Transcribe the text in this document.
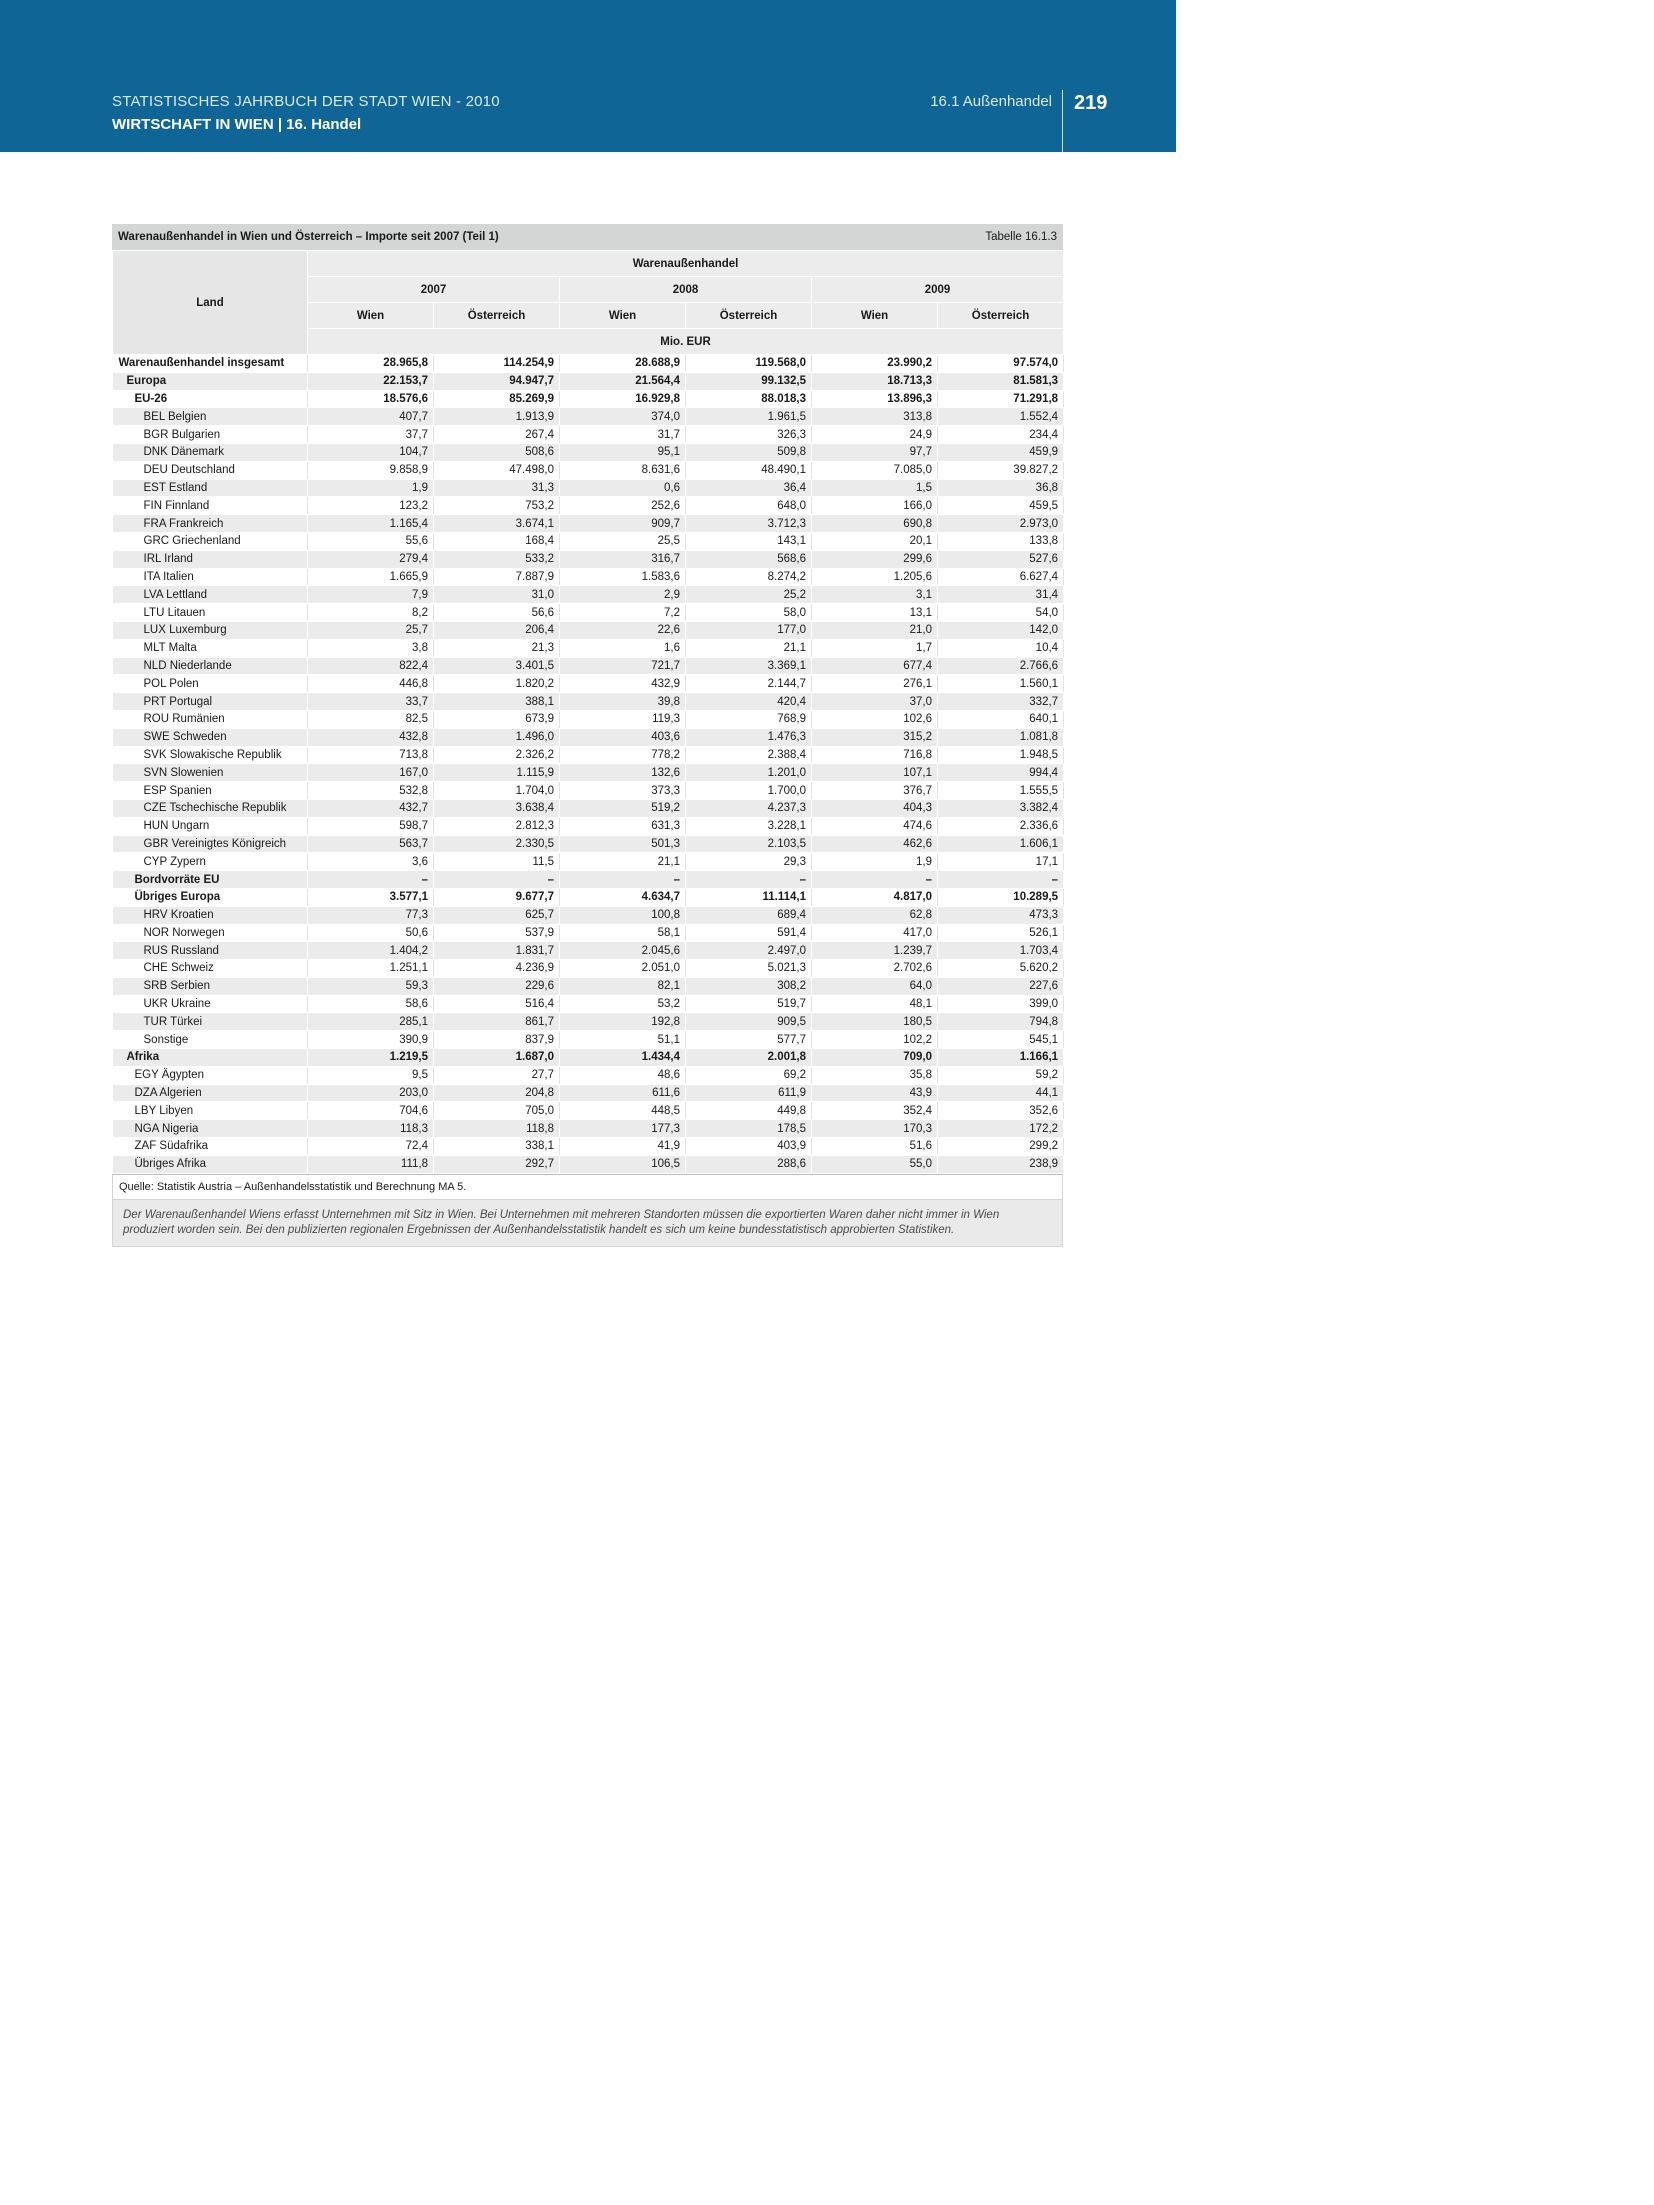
STATISTISCHES JAHRBUCH DER STADT WIEN - 2010
WIRTSCHAFT IN WIEN | 16. Handel
16.1 Außenhandel 219
Warenaußenhandel in Wien und Österreich – Importe seit 2007 (Teil 1)	Tabelle 16.1.3
Land	Warenaußenhandel					
	2007		2008		2009	
	Wien	Österreich	Wien	Österreich	Wien	Österreich
	Mio. EUR					
Warenaußenhandel insgesamt	28.965,8	114.254,9	28.688,9	119.568,0	23.990,2	97.574,0
Europa	22.153,7	94.947,7	21.564,4	99.132,5	18.713,3	81.581,3
EU-26	18.576,6	85.269,9	16.929,8	88.018,3	13.896,3	71.291,8
BEL Belgien	407,7	1.913,9	374,0	1.961,5	313,8	1.552,4
BGR Bulgarien	37,7	267,4	31,7	326,3	24,9	234,4
DNK Dänemark	104,7	508,6	95,1	509,8	97,7	459,9
DEU Deutschland	9.858,9	47.498,0	8.631,6	48.490,1	7.085,0	39.827,2
EST Estland	1,9	31,3	0,6	36,4	1,5	36,8
FIN Finnland	123,2	753,2	252,6	648,0	166,0	459,5
FRA Frankreich	1.165,4	3.674,1	909,7	3.712,3	690,8	2.973,0
GRC Griechenland	55,6	168,4	25,5	143,1	20,1	133,8
IRL Irland	279,4	533,2	316,7	568,6	299,6	527,6
ITA Italien	1.665,9	7.887,9	1.583,6	8.274,2	1.205,6	6.627,4
LVA Lettland	7,9	31,0	2,9	25,2	3,1	31,4
LTU Litauen	8,2	56,6	7,2	58,0	13,1	54,0
LUX Luxemburg	25,7	206,4	22,6	177,0	21,0	142,0
MLT Malta	3,8	21,3	1,6	21,1	1,7	10,4
NLD Niederlande	822,4	3.401,5	721,7	3.369,1	677,4	2.766,6
POL Polen	446,8	1.820,2	432,9	2.144,7	276,1	1.560,1
PRT Portugal	33,7	388,1	39,8	420,4	37,0	332,7
ROU Rumänien	82,5	673,9	119,3	768,9	102,6	640,1
SWE Schweden	432,8	1.496,0	403,6	1.476,3	315,2	1.081,8
SVK Slowakische Republik	713,8	2.326,2	778,2	2.388,4	716,8	1.948,5
SVN Slowenien	167,0	1.115,9	132,6	1.201,0	107,1	994,4
ESP Spanien	532,8	1.704,0	373,3	1.700,0	376,7	1.555,5
CZE Tschechische Republik	432,7	3.638,4	519,2	4.237,3	404,3	3.382,4
HUN Ungarn	598,7	2.812,3	631,3	3.228,1	474,6	2.336,6
GBR Vereinigtes Königreich	563,7	2.330,5	501,3	2.103,5	462,6	1.606,1
CYP Zypern	3,6	11,5	21,1	29,3	1,9	17,1
Bordvorräte EU	–	–	–	–	–	–
Übriges Europa	3.577,1	9.677,7	4.634,7	11.114,1	4.817,0	10.289,5
HRV Kroatien	77,3	625,7	100,8	689,4	62,8	473,3
NOR Norwegen	50,6	537,9	58,1	591,4	417,0	526,1
RUS Russland	1.404,2	1.831,7	2.045,6	2.497,0	1.239,7	1.703,4
CHE Schweiz	1.251,1	4.236,9	2.051,0	5.021,3	2.702,6	5.620,2
SRB Serbien	59,3	229,6	82,1	308,2	64,0	227,6
UKR Ukraine	58,6	516,4	53,2	519,7	48,1	399,0
TUR Türkei	285,1	861,7	192,8	909,5	180,5	794,8
Sonstige	390,9	837,9	51,1	577,7	102,2	545,1
Afrika	1.219,5	1.687,0	1.434,4	2.001,8	709,0	1.166,1
EGY Ägypten	9,5	27,7	48,6	69,2	35,8	59,2
DZA Algerien	203,0	204,8	611,6	611,9	43,9	44,1
LBY Libyen	704,6	705,0	448,5	449,8	352,4	352,6
NGA Nigeria	118,3	118,8	177,3	178,5	170,3	172,2
ZAF Südafrika	72,4	338,1	41,9	403,9	51,6	299,2
Übriges Afrika	111,8	292,7	106,5	288,6	55,0	238,9
Quelle: Statistik Austria – Außenhandelsstatistik und Berechnung MA 5.
Der Warenaußenhandel Wiens erfasst Unternehmen mit Sitz in Wien. Bei Unternehmen mit mehreren Standorten müssen die exportierten Waren daher nicht immer in Wien produziert worden sein. Bei den publizierten regionalen Ergebnissen der Außenhandelsstatistik handelt es sich um keine bundesstatistisch approbierten Statistiken.
